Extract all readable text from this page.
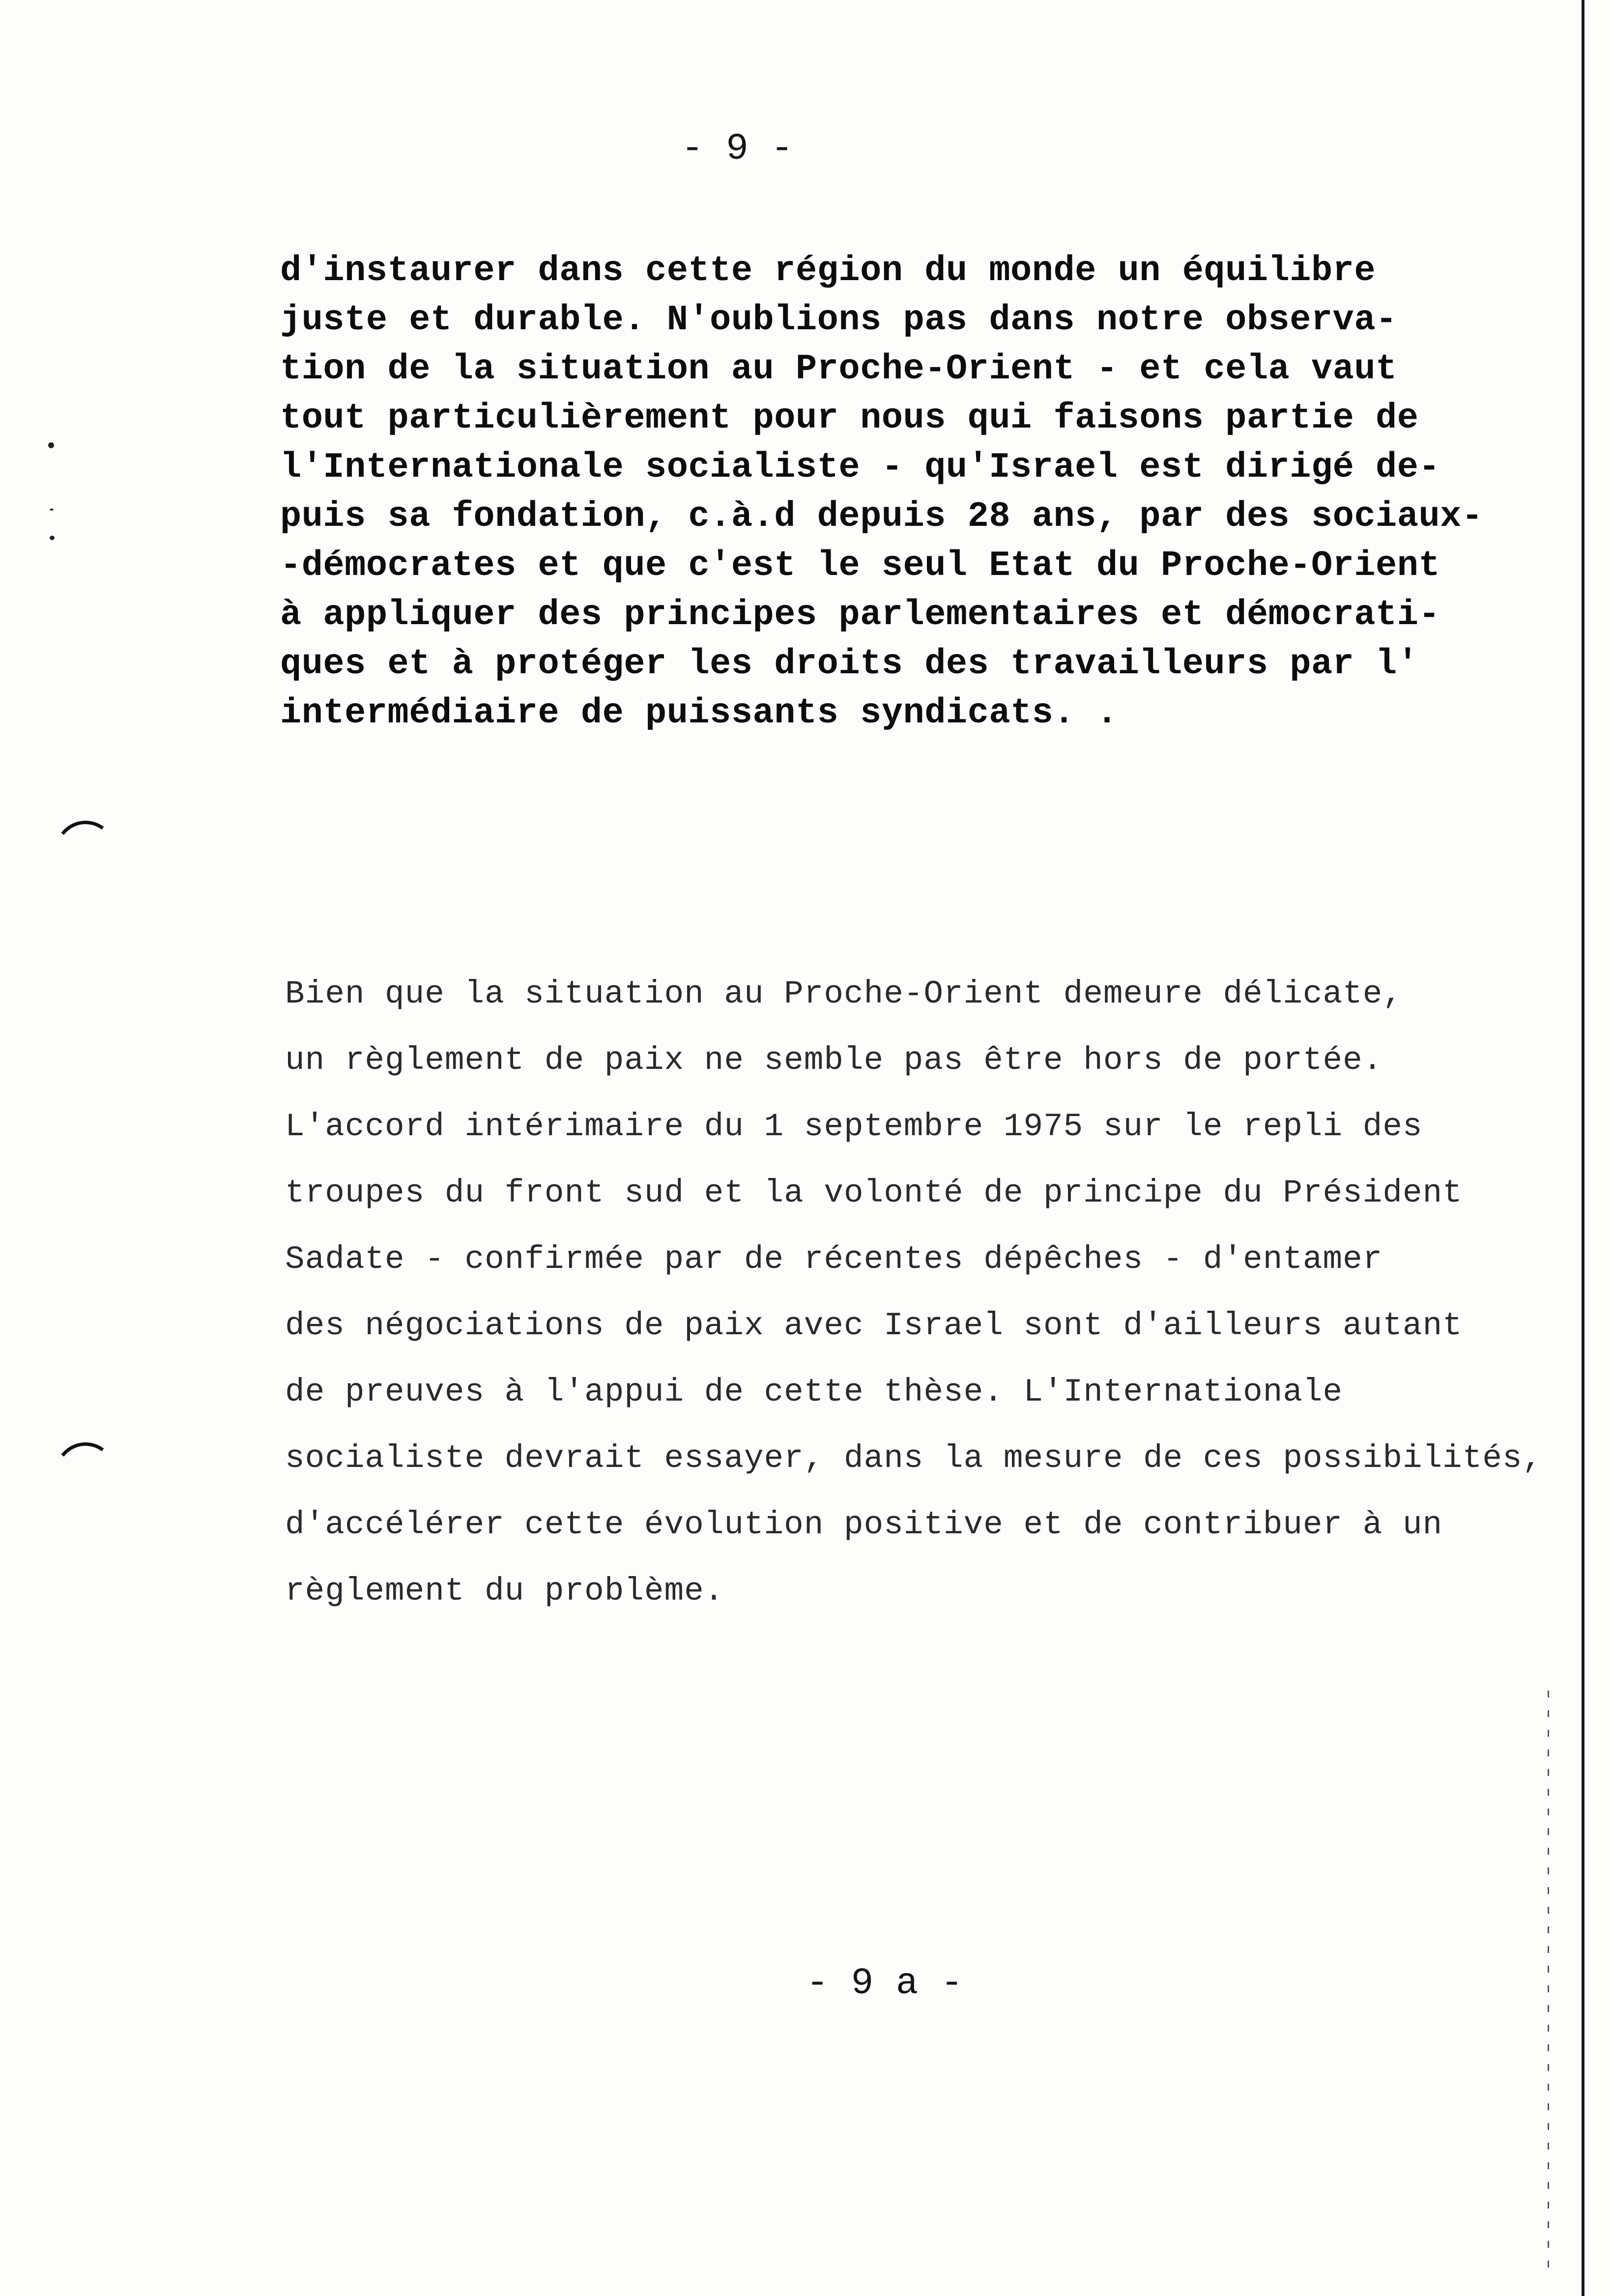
- 9 -
d'instaurer dans cette région du monde un équilibre
juste et durable. N'oublions pas dans notre observa-
tion de la situation au Proche-Orient - et cela vaut
tout particulièrement pour nous qui faisons partie de
l'Internationale socialiste - qu'Israel est dirigé de-
puis sa fondation, c.à.d depuis 28 ans, par des sociaux-
-démocrates et que c'est le seul Etat du Proche-Orient
à appliquer des principes parlementaires et démocrati-
ques et à protéger les droits des travailleurs par l'
intermédiaire de puissants syndicats. .
Bien que la situation au Proche-Orient demeure délicate,
un règlement de paix ne semble pas être hors de portée.
L'accord intérimaire du 1 septembre 1975 sur le repli des
troupes du front sud et la volonté de principe du Président
Sadate - confirmée par de récentes dépêches - d'entamer
des négociations de paix avec Israel sont d'ailleurs autant
de preuves à l'appui de cette thèse. L'Internationale
socialiste devrait essayer, dans la mesure de ces possibilités,
d'accélérer cette évolution positive et de contribuer à un
règlement du problème.
- 9 a -
